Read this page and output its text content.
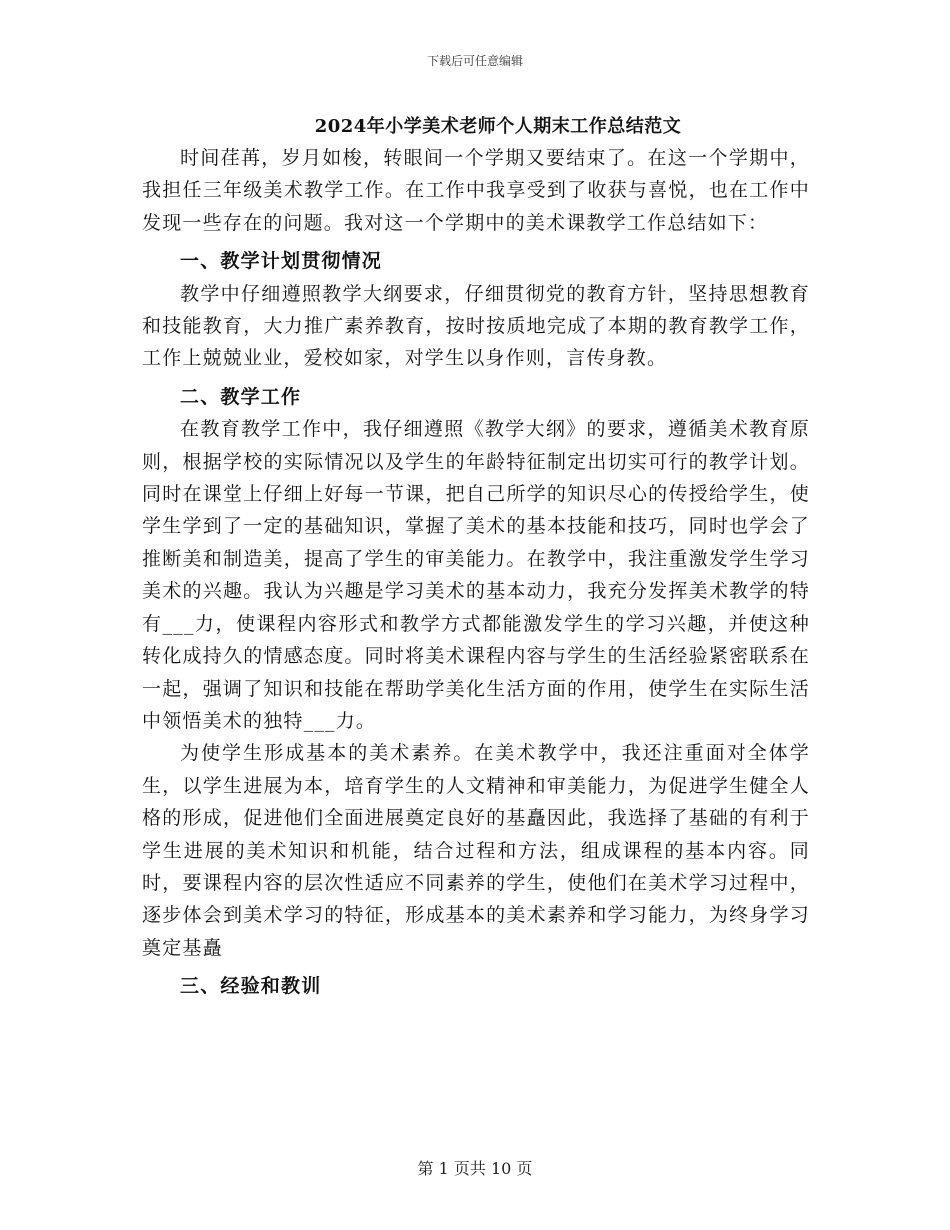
下载后可任意编辑
2024年小学美术老师个人期末工作总结范文

时间荏苒，岁月如梭，转眼间一个学期又要结束了。在这一个学期中，我担任三年级美术教学工作。在工作中我享受到了收获与喜悦，也在工作中发现一些存在的问题。我对这一个学期中的美术课教学工作总结如下：

一、教学计划贯彻情况

教学中仔细遵照教学大纲要求，仔细贯彻党的教育方针，坚持思想教育和技能教育，大力推广素养教育，按时按质地完成了本期的教育教学工作，工作上兢兢业业，爱校如家，对学生以身作则，言传身教。

二、教学工作

在教育教学工作中，我仔细遵照《教学大纲》的要求，遵循美术教育原则，根据学校的实际情况以及学生的年龄特征制定出切实可行的教学计划。同时在课堂上仔细上好每一节课，把自己所学的知识尽心的传授给学生，使学生学到了一定的基础知识，掌握了美术的基本技能和技巧，同时也学会了推断美和制造美，提高了学生的审美能力。在教学中，我注重激发学生学习美术的兴趣。我认为兴趣是学习美术的基本动力，我充分发挥美术教学的特有___力，使课程内容形式和教学方式都能激发学生的学习兴趣，并使这种转化成持久的情感态度。同时将美术课程内容与学生的生活经验紧密联系在一起，强调了知识和技能在帮助学美化生活方面的作用，使学生在实际生活中领悟美术的独特___力。

为使学生形成基本的美术素养。在美术教学中，我还注重面对全体学生，以学生进展为本，培育学生的人文精神和审美能力，为促进学生健全人格的形成，促进他们全面进展奠定良好的基矗因此，我选择了基础的有利于学生进展的美术知识和机能，结合过程和方法，组成课程的基本内容。同时，要课程内容的层次性适应不同素养的学生，使他们在美术学习过程中，逐步体会到美术学习的特征，形成基本的美术素养和学习能力，为终身学习奠定基矗

三、经验和教训
第 1 页共 10 页
